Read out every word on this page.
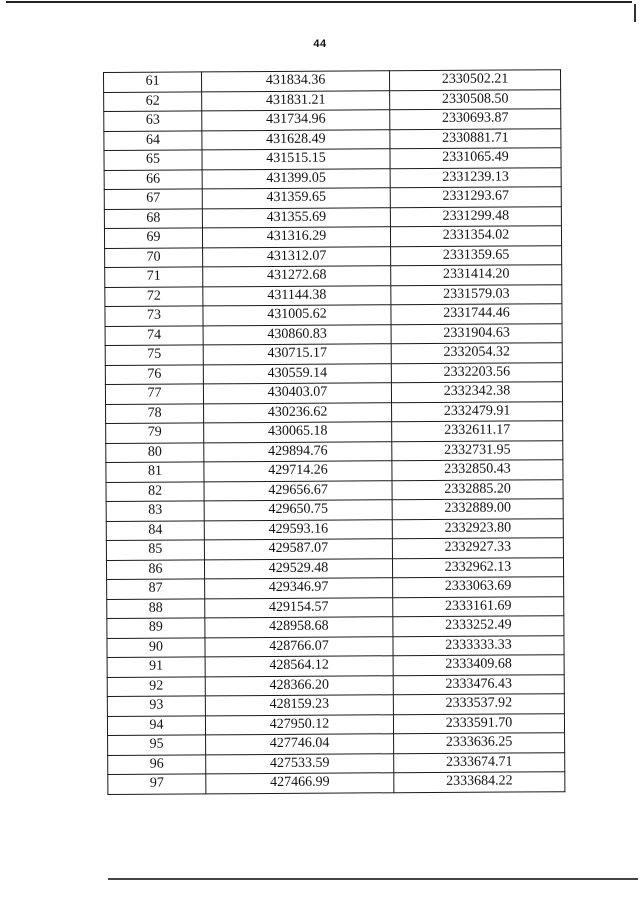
44
61	431834.36	2330502.21
62	431831.21	2330508.50
63	431734.96	2330693.87
64	431628.49	2330881.71
65	431515.15	2331065.49
66	431399.05	2331239.13
67	431359.65	2331293.67
68	431355.69	2331299.48
69	431316.29	2331354.02
70	431312.07	2331359.65
71	431272.68	2331414.20
72	431144.38	2331579.03
73	431005.62	2331744.46
74	430860.83	2331904.63
75	430715.17	2332054.32
76	430559.14	2332203.56
77	430403.07	2332342.38
78	430236.62	2332479.91
79	430065.18	2332611.17
80	429894.76	2332731.95
81	429714.26	2332850.43
82	429656.67	2332885.20
83	429650.75	2332889.00
84	429593.16	2332923.80
85	429587.07	2332927.33
86	429529.48	2332962.13
87	429346.97	2333063.69
88	429154.57	2333161.69
89	428958.68	2333252.49
90	428766.07	2333333.33
91	428564.12	2333409.68
92	428366.20	2333476.43
93	428159.23	2333537.92
94	427950.12	2333591.70
95	427746.04	2333636.25
96	427533.59	2333674.71
97	427466.99	2333684.22
